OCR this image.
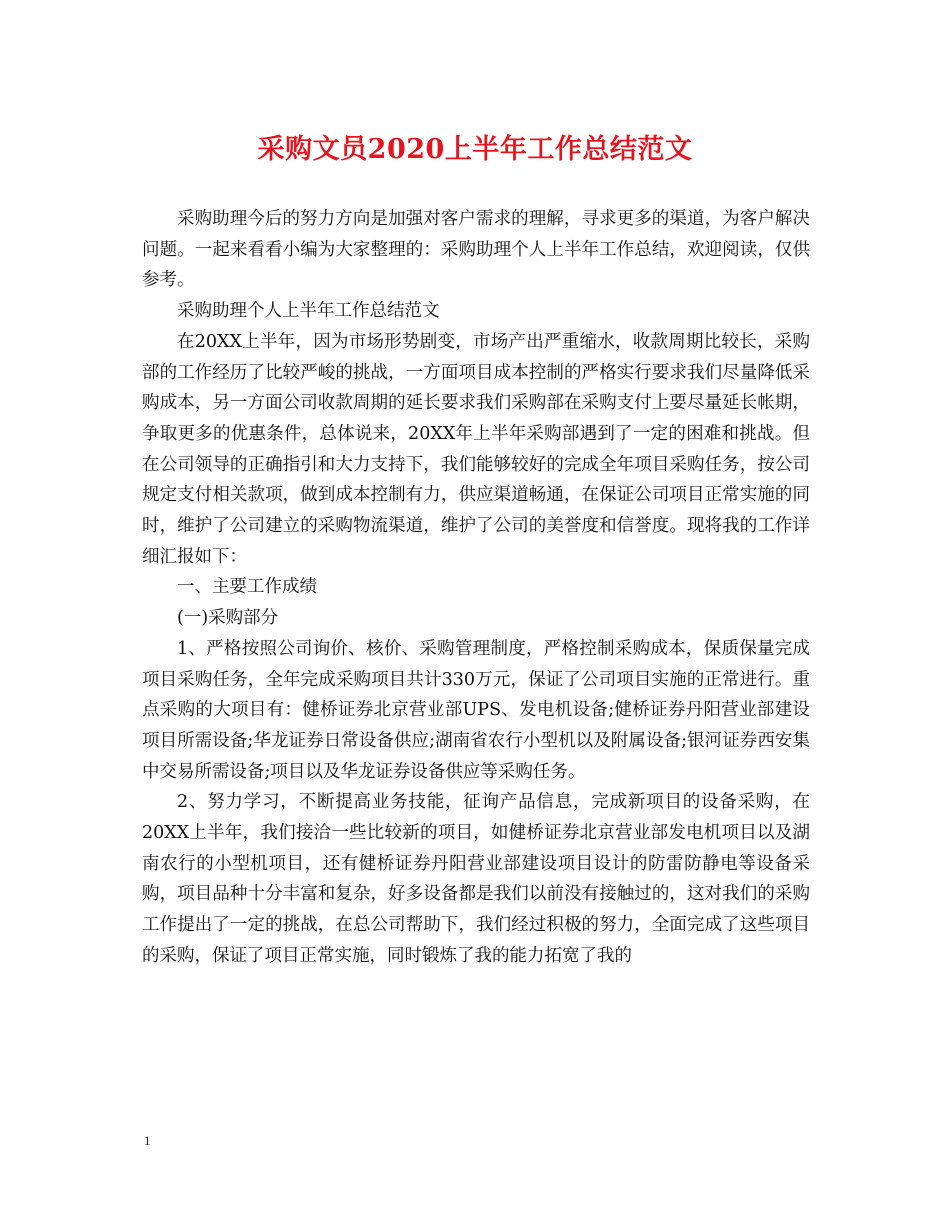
采购文员2020上半年工作总结范文

采购助理今后的努力方向是加强对客户需求的理解，寻求更多的渠道，为客户解决问题。一起来看看小编为大家整理的：采购助理个人上半年工作总结，欢迎阅读，仅供参考。

采购助理个人上半年工作总结范文

在20XX上半年，因为市场形势剧变，市场产出严重缩水，收款周期比较长，采购部的工作经历了比较严峻的挑战，一方面项目成本控制的严格实行要求我们尽量降低采购成本，另一方面公司收款周期的延长要求我们采购部在采购支付上要尽量延长帐期，争取更多的优惠条件，总体说来，20XX年上半年采购部遇到了一定的困难和挑战。但在公司领导的正确指引和大力支持下，我们能够较好的完成全年项目采购任务，按公司规定支付相关款项，做到成本控制有力，供应渠道畅通，在保证公司项目正常实施的同时，维护了公司建立的采购物流渠道，维护了公司的美誉度和信誉度。现将我的工作详细汇报如下：

一、主要工作成绩

(一)采购部分

1、严格按照公司询价、核价、采购管理制度，严格控制采购成本，保质保量完成项目采购任务，全年完成采购项目共计330万元，保证了公司项目实施的正常进行。重点采购的大项目有：健桥证券北京营业部UPS、发电机设备;健桥证券丹阳营业部建设项目所需设备;华龙证券日常设备供应;湖南省农行小型机以及附属设备;银河证券西安集中交易所需设备;项目以及华龙证券设备供应等采购任务。

2、努力学习，不断提高业务技能，征询产品信息，完成新项目的设备采购，在20XX上半年，我们接洽一些比较新的项目，如健桥证券北京营业部发电机项目以及湖南农行的小型机项目，还有健桥证券丹阳营业部建设项目设计的防雷防静电等设备采购，项目品种十分丰富和复杂，好多设备都是我们以前没有接触过的，这对我们的采购工作提出了一定的挑战，在总公司帮助下，我们经过积极的努力，全面完成了这些项目的采购，保证了项目正常实施，同时锻炼了我的能力拓宽了我的

1
